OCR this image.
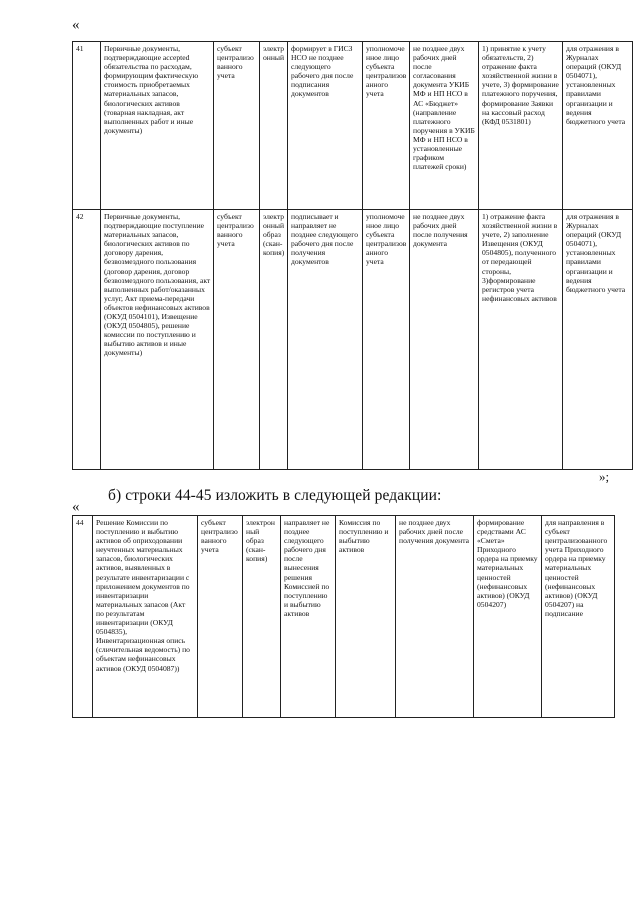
«
41	Первичные документы, подтверждающие accepted обязательства по расходам, формирующим фактическую стоимость приобретаемых материальных запасов, биологических активов (товарная накладная, акт выполненных работ и иные документы)	субъект централизованного учета	электронный	формирует в ГИСЗ НСО не позднее следующего рабочего дня после подписания документов	уполномоченное лицо субъекта централизованного учета	не позднее двух рабочих дней после согласования документа УКИБ МФ и НП НСО в АС «Бюджет» (направление платежного поручения в УКИБ МФ и НП НСО в установленные графиком платежей сроки)	1) принятие к учету обязательств, 2) отражение факта хозяйственной жизни в учете, 3) формирование платежного поручения, формирование Заявки на кассовый расход (КФД 0531801)	для отражения в Журналах операций (ОКУД 0504071), установленных правилами организации и ведения бюджетного учета
42	Первичные документы, подтверждающие поступление материальных запасов, биологических активов по договору дарения, безвозмездного пользования (договор дарения, договор безвозмездного пользования, акт выполненных работ/оказанных услуг, Акт приема-передачи объектов нефинансовых активов (ОКУД 0504101), Извещение (ОКУД 0504805), решение комиссии по поступлению и выбытию активов и иные документы)	субъект централизованного учета	электронный образ (скан-копия)	подписывает и направляет не позднее следующего рабочего дня после получения документов	уполномоченное лицо субъекта централизованного учета	не позднее двух рабочих дней после получения документа	1) отражение факта хозяйственной жизни в учете, 2) заполнение Извещения (ОКУД 0504805), полученного от передающей стороны, 3)формирование регистров учета нефинансовых активов	для отражения в Журналах операций (ОКУД 0504071), установленных правилами организации и ведения бюджетного учета
»;
б) строки 44-45 изложить в следующей редакции:
«
44	Решение Комиссии по поступлению и выбытию активов об оприходовании неучтенных материальных запасов, биологических активов, выявленных в результате инвентаризации с приложением документов по инвентаризации материальных запасов (Акт по результатам инвентаризации (ОКУД 0504835), Инвентаризационная опись (сличительная ведомость) по объектам нефинансовых активов (ОКУД 0504087))	субъект централизованного учета	электронный образ (скан-копия)	направляет не позднее следующего рабочего дня после вынесения решения Комиссией по поступлению и выбытию активов	Комиссия по поступлению и выбытию активов	не позднее двух рабочих дней после получения документа	формирование средствами АС «Смета» Приходного ордера на приемку материальных ценностей (нефинансовых активов) (ОКУД 0504207)	для направления в субъект централизованного учета Приходного ордера на приемку материальных ценностей (нефинансовых активов) (ОКУД 0504207) на подписание
